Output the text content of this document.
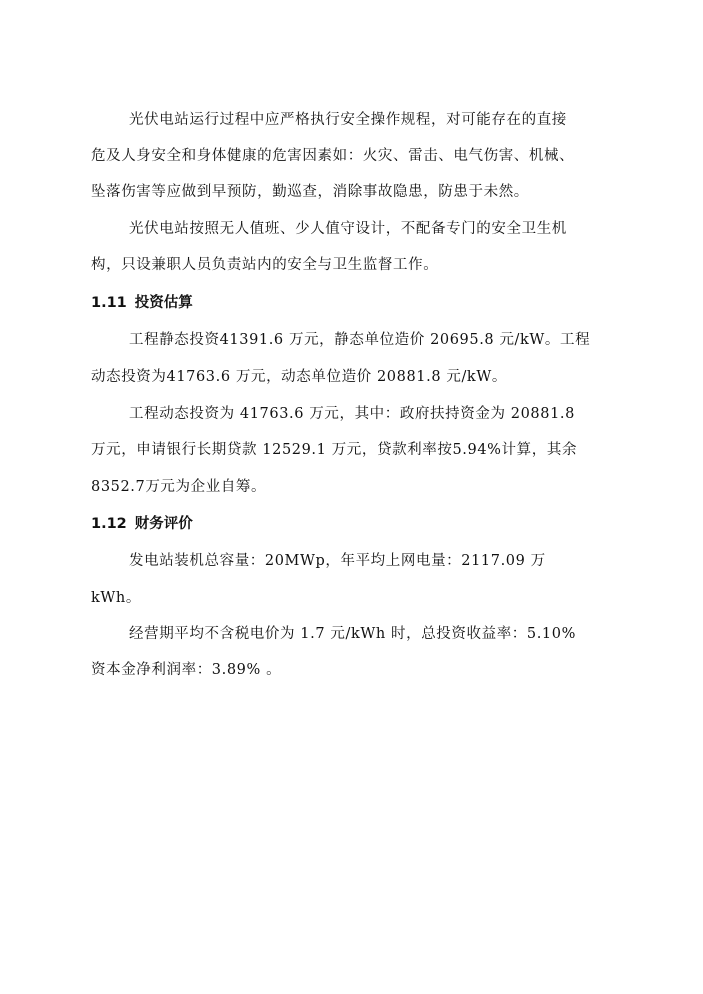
光伏电站运行过程中应严格执行安全操作规程，对可能存在的直接
危及人身安全和身体健康的危害因素如：火灾、雷击、电气伤害、机械、
坠落伤害等应做到早预防，勤巡查，消除事故隐患，防患于未然。
光伏电站按照无人值班、少人值守设计，不配备专门的安全卫生机
构，只设兼职人员负责站内的安全与卫生监督工作。
1.11 投资估算
工程静态投资41391.6 万元，静态单位造价 20695.8 元/kW。工程
动态投资为41763.6 万元，动态单位造价 20881.8 元/kW。
工程动态投资为 41763.6 万元，其中：政府扶持资金为 20881.8
万元，申请银行长期贷款 12529.1 万元，贷款利率按5.94%计算，其余
8352.7万元为企业自筹。
1.12 财务评价
发电站装机总容量：20MWp，年平均上网电量：2117.09 万
kWh。
经营期平均不含税电价为 1.7 元/kWh 时，总投资收益率：5.10%
资本金净利润率：3.89% 。
